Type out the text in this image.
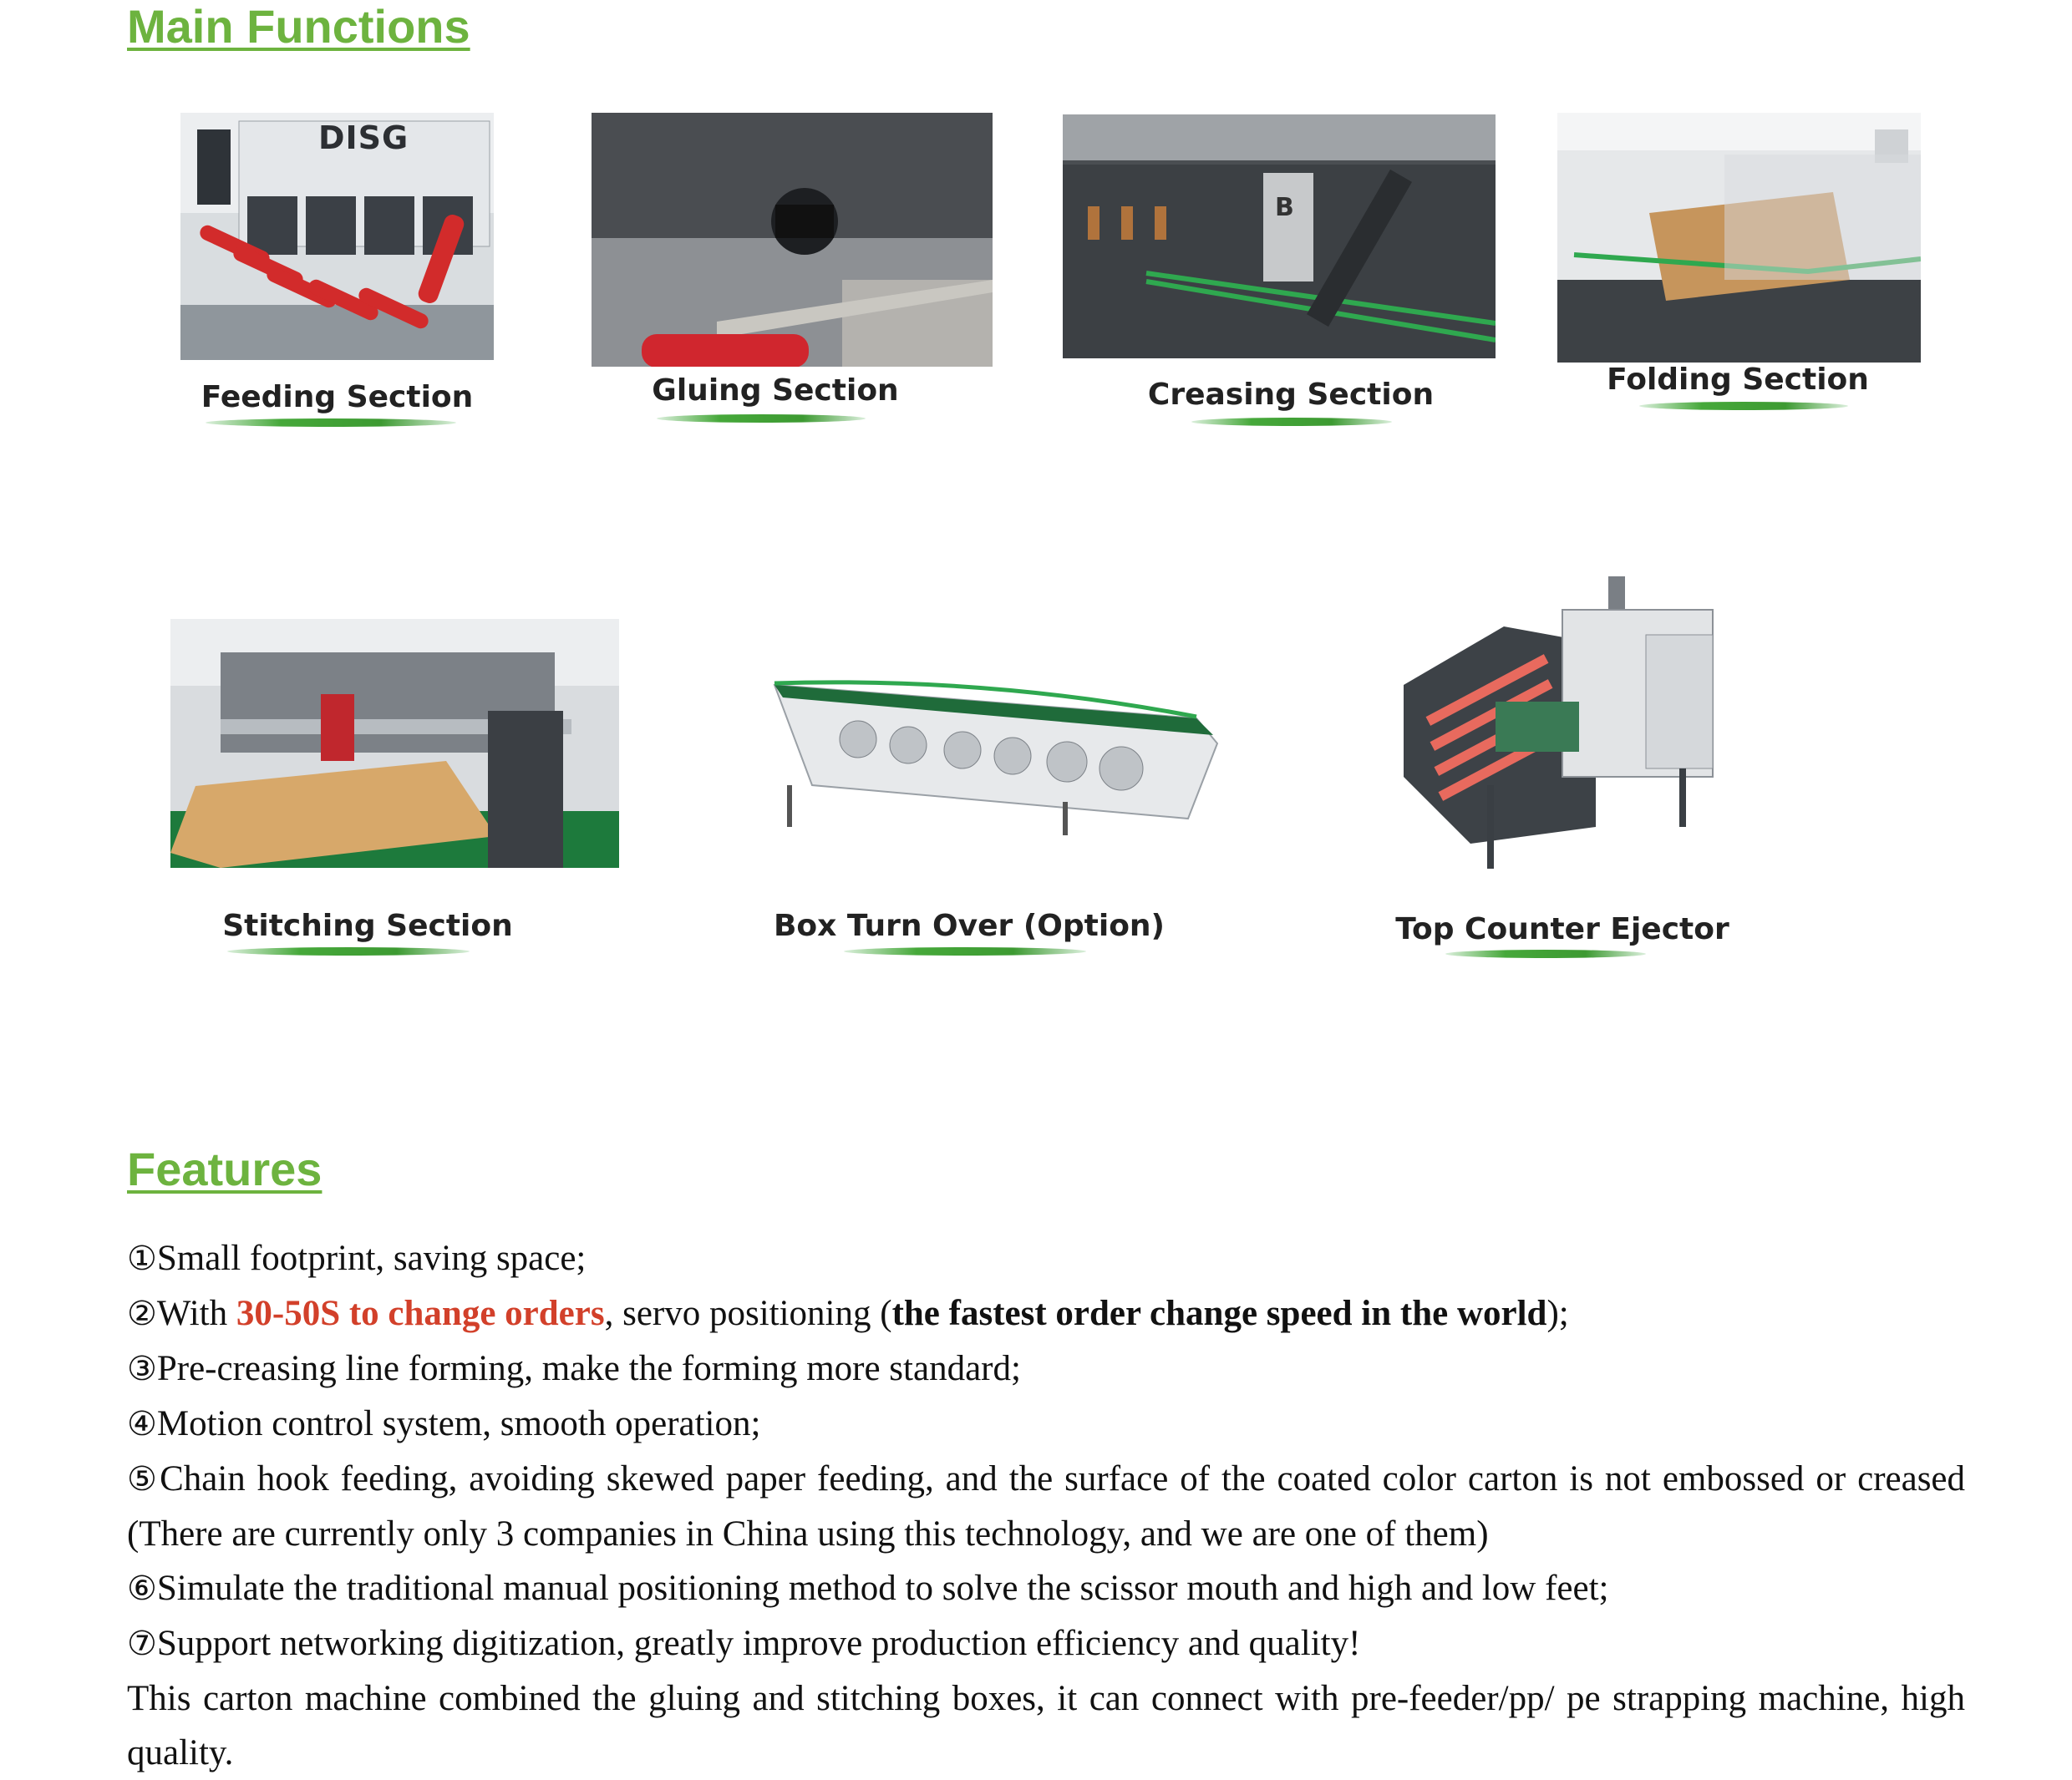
Main Functions
DISG
Feeding Section	Gluing Section
B
Creasing Section	Folding Section
Stitching Section	Box Turn Over (Option)	Top Counter Ejector
Features

①Small footprint, saving space;

②With 30-50S to change orders, servo positioning (the fastest order change speed in the world);

③Pre-creasing line forming, make the forming more standard;

④Motion control system, smooth operation;

⑤Chain hook feeding, avoiding skewed paper feeding, and the surface of the coated color carton is not embossed or creased (There are currently only 3 companies in China using this technology, and we are one of them)

⑥Simulate the traditional manual positioning method to solve the scissor mouth and high and low feet;

⑦Support networking digitization, greatly improve production efficiency and quality!

This carton machine combined the gluing and stitching boxes, it can connect with pre-feeder/pp/ pe strapping machine, high quality.
